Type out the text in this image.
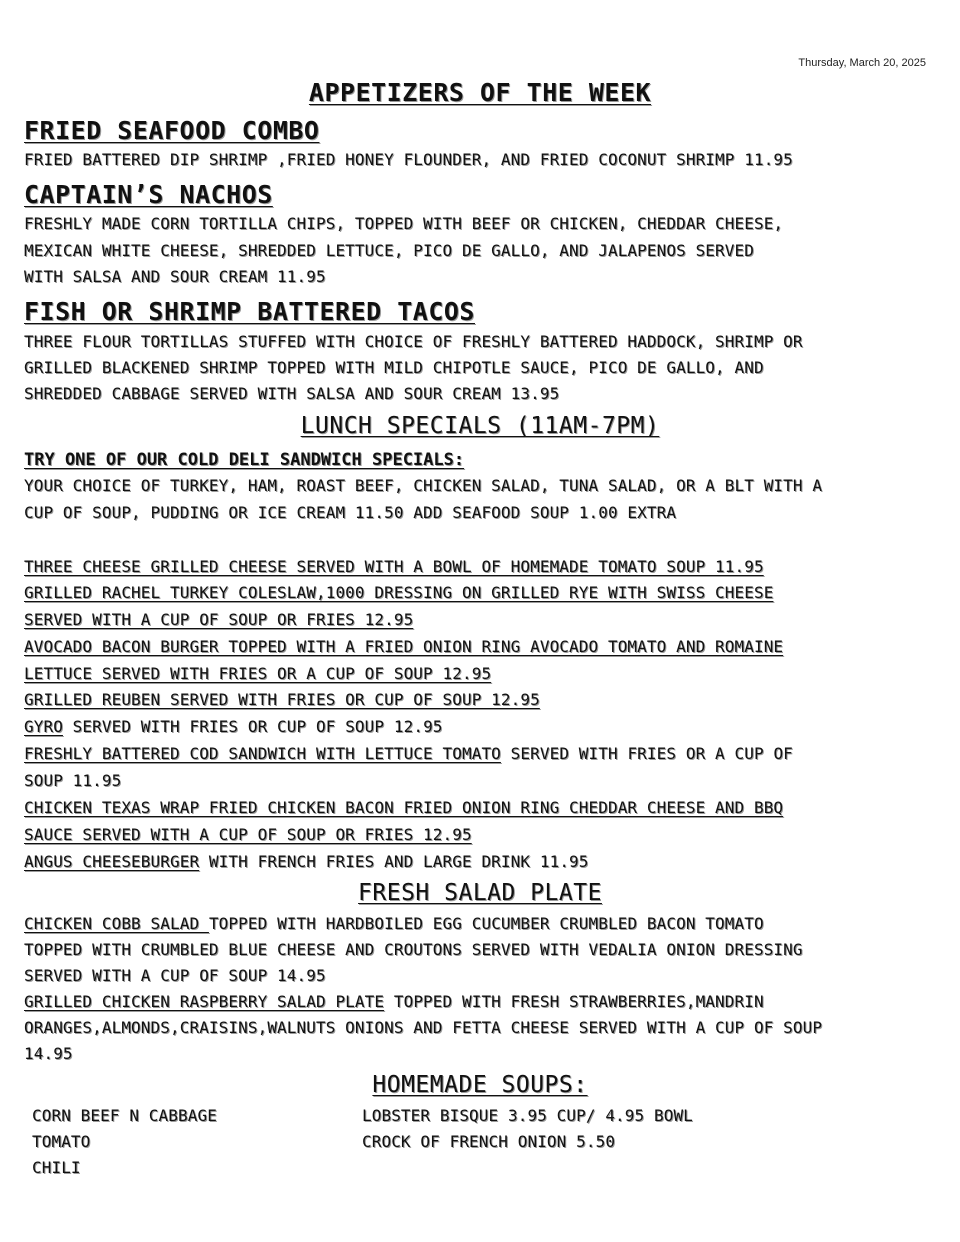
Thursday, March 20, 2025
APPETIZERS OF THE WEEK
FRIED SEAFOOD COMBO
FRIED BATTERED DIP SHRIMP ,FRIED HONEY FLOUNDER, AND FRIED COCONUT SHRIMP 11.95
CAPTAIN’S NACHOS
FRESHLY MADE CORN TORTILLA CHIPS, TOPPED WITH BEEF OR CHICKEN, CHEDDAR CHEESE,
MEXICAN WHITE CHEESE, SHREDDED LETTUCE, PICO DE GALLO, AND JALAPENOS SERVED
WITH SALSA AND SOUR CREAM 11.95
FISH OR SHRIMP BATTERED TACOS
THREE FLOUR TORTILLAS STUFFED WITH CHOICE OF FRESHLY BATTERED HADDOCK, SHRIMP OR
GRILLED BLACKENED SHRIMP TOPPED WITH MILD CHIPOTLE SAUCE, PICO DE GALLO, AND
SHREDDED CABBAGE SERVED WITH SALSA AND SOUR CREAM 13.95
LUNCH SPECIALS (11AM-7PM)
TRY ONE OF OUR COLD DELI SANDWICH SPECIALS:
YOUR CHOICE OF TURKEY, HAM, ROAST BEEF, CHICKEN SALAD, TUNA SALAD, OR A BLT WITH A
CUP OF SOUP, PUDDING OR ICE CREAM 11.50 ADD SEAFOOD SOUP 1.00 EXTRA
THREE CHEESE GRILLED CHEESE SERVED WITH A BOWL OF HOMEMADE TOMATO SOUP 11.95
GRILLED RACHEL TURKEY COLESLAW,1000 DRESSING ON GRILLED RYE WITH SWISS CHEESE
SERVED WITH A CUP OF SOUP OR FRIES 12.95
AVOCADO BACON BURGER TOPPED WITH A FRIED ONION RING AVOCADO TOMATO AND ROMAINE
LETTUCE SERVED WITH FRIES OR A CUP OF SOUP 12.95
GRILLED REUBEN SERVED WITH FRIES OR CUP OF SOUP 12.95
GYRO SERVED WITH FRIES OR CUP OF SOUP 12.95
FRESHLY BATTERED COD SANDWICH WITH LETTUCE TOMATO SERVED WITH FRIES OR A CUP OF
SOUP 11.95
CHICKEN TEXAS WRAP FRIED CHICKEN BACON FRIED ONION RING CHEDDAR CHEESE AND BBQ
SAUCE SERVED WITH A CUP OF SOUP OR FRIES 12.95
ANGUS CHEESEBURGER WITH FRENCH FRIES AND LARGE DRINK 11.95
FRESH SALAD PLATE
CHICKEN COBB SALAD TOPPED WITH HARDBOILED EGG CUCUMBER CRUMBLED BACON TOMATO
TOPPED WITH CRUMBLED BLUE CHEESE AND CROUTONS SERVED WITH VEDALIA ONION DRESSING
SERVED WITH A CUP OF SOUP 14.95
GRILLED CHICKEN RASPBERRY SALAD PLATE TOPPED WITH FRESH STRAWBERRIES,MANDRIN
ORANGES,ALMONDS,CRAISINS,WALNUTS ONIONS AND FETTA CHEESE SERVED WITH A CUP OF SOUP
14.95
HOMEMADE SOUPS:
CORN BEEF N CABBAGE
TOMATO
CHILI
LOBSTER BISQUE 3.95 CUP/ 4.95 BOWL
CROCK OF FRENCH ONION 5.50
